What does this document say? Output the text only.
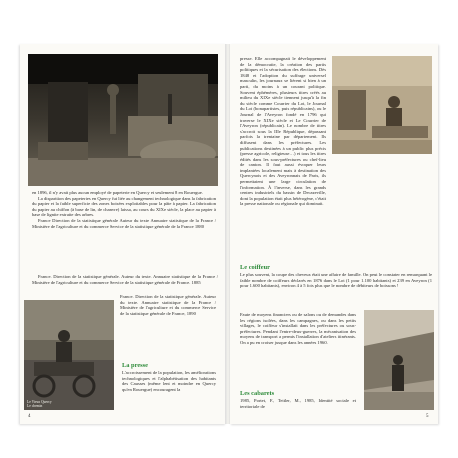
en 1896, il n'y avait plus aucun employé de papeterie en Quercy et seulement 8 en Rouergue.

La disparition des papeteries en Quercy fut liée au changement technologique dans la fabrication du papier et la faible superficie des zones boisées exploitables pour la pâte à papier. La fabrication du papier au chiffon (à base de lin, de chanvre) laissa, au cours du XIXe siècle, la place au papier à base de lignite extraite des arbres.

France Direction de la statistique générale Auteur du texte Annuaire statistique de la France / Ministère de l'agriculture et du commerce Service de la statistique générale de la France 1880

France. Direction de la statistique générale. Auteur du texte. Annuaire statistique de la France / Ministère de l'agriculture et du commerce Service de la statistique générale de France. 1885

France. Direction de la statistique générale. Auteur du texte. Annuaire statistique de la France / Ministère de l'agriculture et du commerce Service de la statistique générale de France, 1890

Le Vieux Quercy
Le chemin
La presse
L'accroissement de la population, les améliorations technologiques et l'alphabétisation des habitants des Causses (même lent et moindre en Quercy qu'en Rouergue) encouragent la
4
presse. Elle accompagnait le développement de la démocratie, la création des partis politiques et la sécurisation des élections. Dès 1848 et l'adoption du suffrage universel masculin, les journaux se lièrent si bien à un parti, du moins à un courant politique. Souvent éphémères, plusieurs titres créés au milieu du XIXe siècle tiennent jusqu'à la fin du siècle comme Courrier du Lot, le Journal du Lot (bonapartistes, puis républicains), ou le Journal de l'Aveyron fondé en 1796 qui traverse le XIXe siècle et Le Courrier de l'Aveyron (républicain). Le nombre de titres s'accroit sous la IIIe République, dépassant parfois la trentaine par département. Ils diffusent dans les préfectures. Les publications destinées à un public plus précis (presse agricole, religieuse…) et tous les titres édités dans les sous-préfectures ou chef-lieu de canton. Il faut aussi évoquer leurs implantées localement mais à destination des Quercynois et des Aveyronnais de Paris, ils permettaient une large circulation de l'information. À l'inverse, dans les grands centres industriels du bassin de Decazeville, dont la population était plus hétérogène, c'était la presse nationale ou régionale qui dominait.
Le coiffeur
Le plus souvent, la coupe des cheveux était une affaire de famille. On peut le constater en remarquant le faible nombre de coiffeurs déclarés en 1876 dans le Lot (1 pour 1.100 habitants) et 239 en Aveyron (1 pour 1.600 habitants), environ 4 à 5 fois plus que le nombre de débiteurs de boissons !
Faute de moyens financiers ou de salons ou de demandes dans les régions isolées, dans les campagnes, ou dans les petits villages, le coiffeur s'installait dans les préfectures ou sous-préfectures. Pendant l'entre-deux-guerres, la mécanisation des moyens de transport a permis l'installation d'ateliers itinérants. On a pu en croiser jusque dans les années 1960.
Les cabarets
1985, Portet, F., Teitler, M., 1985, Identité sociale et territoriale de
5
